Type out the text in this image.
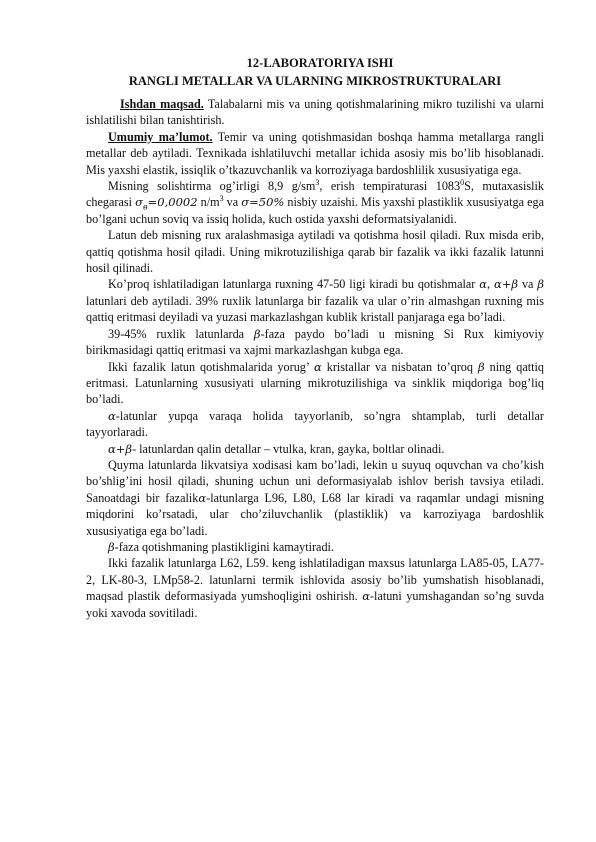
12-LABORATORIYA ISHI
RANGLI METALLAR VA ULARNING MIKROSTRUKTURALARI

Ishdan maqsad. Talabalarni mis va uning qotishmalarining mikro tuzilishi va ularni ishlatilishi bilan tanishtirish.

Umumiy ma’lumot. Temir va uning qotishmasidan boshqa hamma metallarga rangli metallar deb aytiladi. Texnikada ishlatiluvchi metallar ichida asosiy mis bo’lib hisoblanadi. Mis yaxshi elastik, issiqlik o’tkazuvchanlik va korroziyaga bardoshlilik xususiyatiga ega.

Misning solishtirma og’irligi 8,9 $g/sm^3$, erish tempiraturasi 1083$^0$S, mutaxasislik chegarasi $\sigma_в=0,0002$ $n/m^3$ va σ=50% nisbiy uzaishi. Mis yaxshi plastiklik xususiyatga ega bo’lgani uchun soviq va issiq holida, kuch ostida yaxshi deformatsiyalanidi.

Latun deb misning rux aralashmasiga aytiladi va qotishma hosil qiladi. Rux misda erib, qattiq qotishma hosil qiladi. Uning mikrotuzilishiga qarab bir fazalik va ikki fazalik latunni hosil qilinadi.

Ko’proq ishlatiladigan latunlarga ruxning 47-50 ligi kiradi bu qotishmalar α, α+β va β latunlari deb aytiladi. 39% ruxlik latunlarga bir fazalik va ular o’rin almashgan ruxning mis qattiq eritmasi deyiladi va yuzasi markazlashgan kublik kristall panjaraga ega bo’ladi.

39-45% ruxlik latunlarda β-faza paydo bo’ladi u misning Si Rux kimiyoviy birikmasidagi qattiq eritmasi va xajmi markazlashgan kubga ega.

Ikki fazalik latun qotishmalarida yorug’ α kristallar va nisbatan to’qroq β ning qattiq eritmasi. Latunlarning xususiyati ularning mikrotuzilishiga va sinklik miqdoriga bog’liq bo’ladi.

α-latunlar yupqa varaqa holida tayyorlanib, so’ngra shtamplab, turli detallar tayyorlaradi.

α+β- latunlardan qalin detallar – vtulka, kran, gayka, boltlar olinadi.

Quyma latunlarda likvatsiya xodisasi kam bo’ladi, lekin u suyuq oquvchan va cho’kish bo’shlig’ini hosil qiladi, shuning uchun uni deformasiyalab ishlov berish tavsiya etiladi. Sanoatdagi bir fazalikα-latunlarga L96, L80, L68 lar kiradi va raqamlar undagi misning miqdorini ko’rsatadi, ular cho’ziluvchanlik (plastiklik) va karroziyaga bardoshlik xususiyatiga ega bo’ladi.

β-faza qotishmaning plastikligini kamaytiradi.

Ikki fazalik latunlarga L62, L59. keng ishlatiladigan maxsus latunlarga LA85-05, LA77-2, LK-80-3, LMp58-2. latunlarni termik ishlovida asosiy bo’lib yumshatish hisoblanadi, maqsad plastik deformasiyada yumshoqligini oshirish. α-latuni yumshagandan so’ng suvda yoki xavoda sovitiladi.
